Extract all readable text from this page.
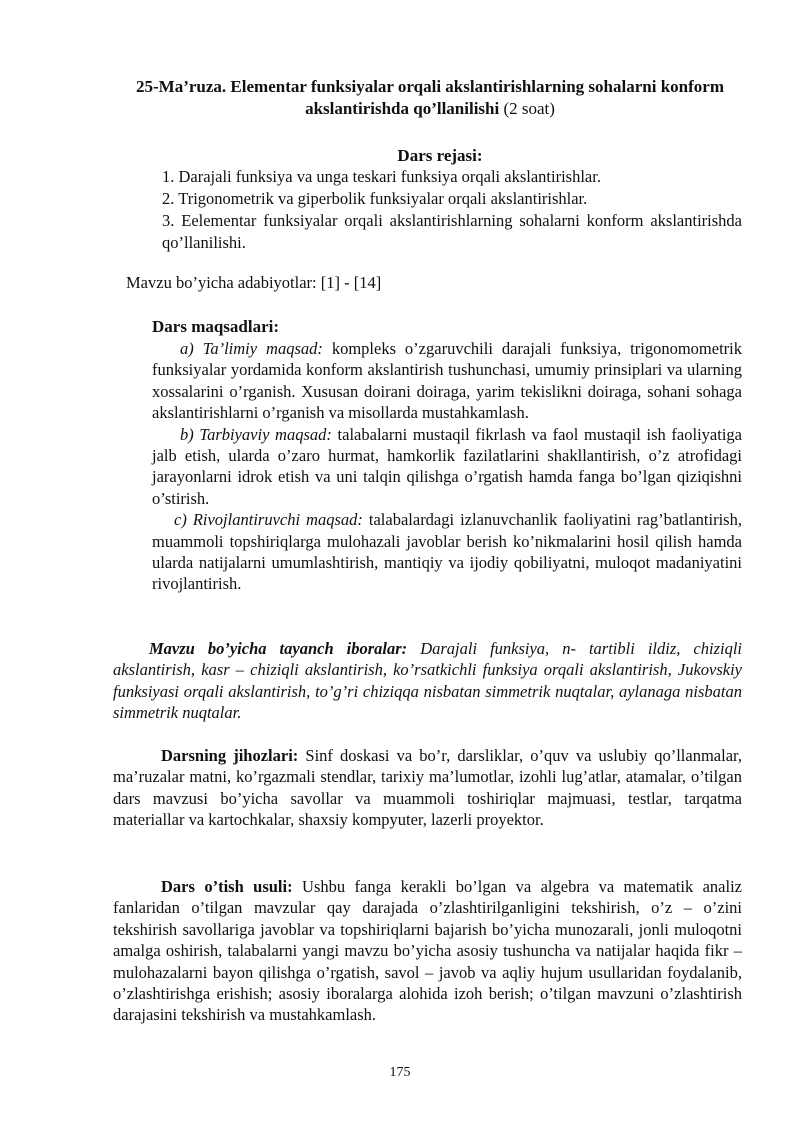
25-Ma’ruza. Elementar funksiyalar orqali akslantirishlarning sohalarni konform akslantirishda qo’llanilishi (2 soat)
Dars rejasi:

1. Darajali funksiya va unga teskari funksiya orqali akslantirishlar.

2. Trigonometrik va giperbolik funksiyalar orqali akslantirishlar.

3. Eelementar funksiyalar orqali akslantirishlarning sohalarni konform akslantirishda qo’llanilishi.

Mavzu bo’yicha adabiyotlar: [1] - [14]

Dars maqsadlari:

a) Ta’limiy maqsad: kompleks o’zgaruvchili darajali funksiya, trigonomometrik funksiyalar yordamida konform akslantirish tushunchasi, umumiy prinsiplari va ularning xossalarini o’rganish. Xususan doirani doiraga, yarim tekislikni doiraga, sohani sohaga akslantirishlarni o’rganish va misollarda mustahkamlash.

b) Tarbiyaviy maqsad: talabalarni mustaqil fikrlash va faol mustaqil ish faoliyatiga jalb etish, ularda o’zaro hurmat, hamkorlik fazilatlarini shakllantirish, o’z atrofidagi jarayonlarni idrok etish va uni talqin qilishga o’rgatish hamda fanga bo’lgan qiziqishni o’stirish.

c) Rivojlantiruvchi maqsad: talabalardagi izlanuvchanlik faoliyatini rag’batlantirish, muammoli topshiriqlarga mulohazali javoblar berish ko’nikmalarini hosil qilish hamda ularda natijalarni umumlashtirish, mantiqiy va ijodiy qobiliyatni, muloqot madaniyatini rivojlantirish.

Mavzu bo’yicha tayanch iboralar: Darajali funksiya, n- tartibli ildiz, chiziqli akslantirish, kasr – chiziqli akslantirish, ko’rsatkichli funksiya orqali akslantirish, Jukovskiy funksiyasi orqali akslantirish, to’g’ri chiziqqa nisbatan simmetrik nuqtalar, aylanaga nisbatan simmetrik nuqtalar.

Darsning jihozlari: Sinf doskasi va bo’r, darsliklar, o’quv va uslubiy qo’llanmalar, ma’ruzalar matni, ko’rgazmali stendlar, tarixiy ma’lumotlar, izohli lug’atlar, atamalar, o’tilgan dars mavzusi bo’yicha savollar va muammoli toshiriqlar majmuasi, testlar, tarqatma materiallar va kartochkalar, shaxsiy kompyuter, lazerli proyektor.

Dars o’tish usuli: Ushbu fanga kerakli bo’lgan va algebra va matematik analiz fanlaridan o’tilgan mavzular qay darajada o’zlashtirilganligini tekshirish, o’z – o’zini tekshirish savollariga javoblar va topshiriqlarni bajarish bo’yicha munozarali, jonli muloqotni amalga oshirish, talabalarni yangi mavzu bo’yicha asosiy tushuncha va natijalar haqida fikr – mulohazalarni bayon qilishga o’rgatish, savol – javob va aqliy hujum usullaridan foydalanib, o’zlashtirishga erishish; asosiy iboralarga alohida izoh berish; o’tilgan mavzuni o’zlashtirish darajasini tekshirish va mustahkamlash.

175
